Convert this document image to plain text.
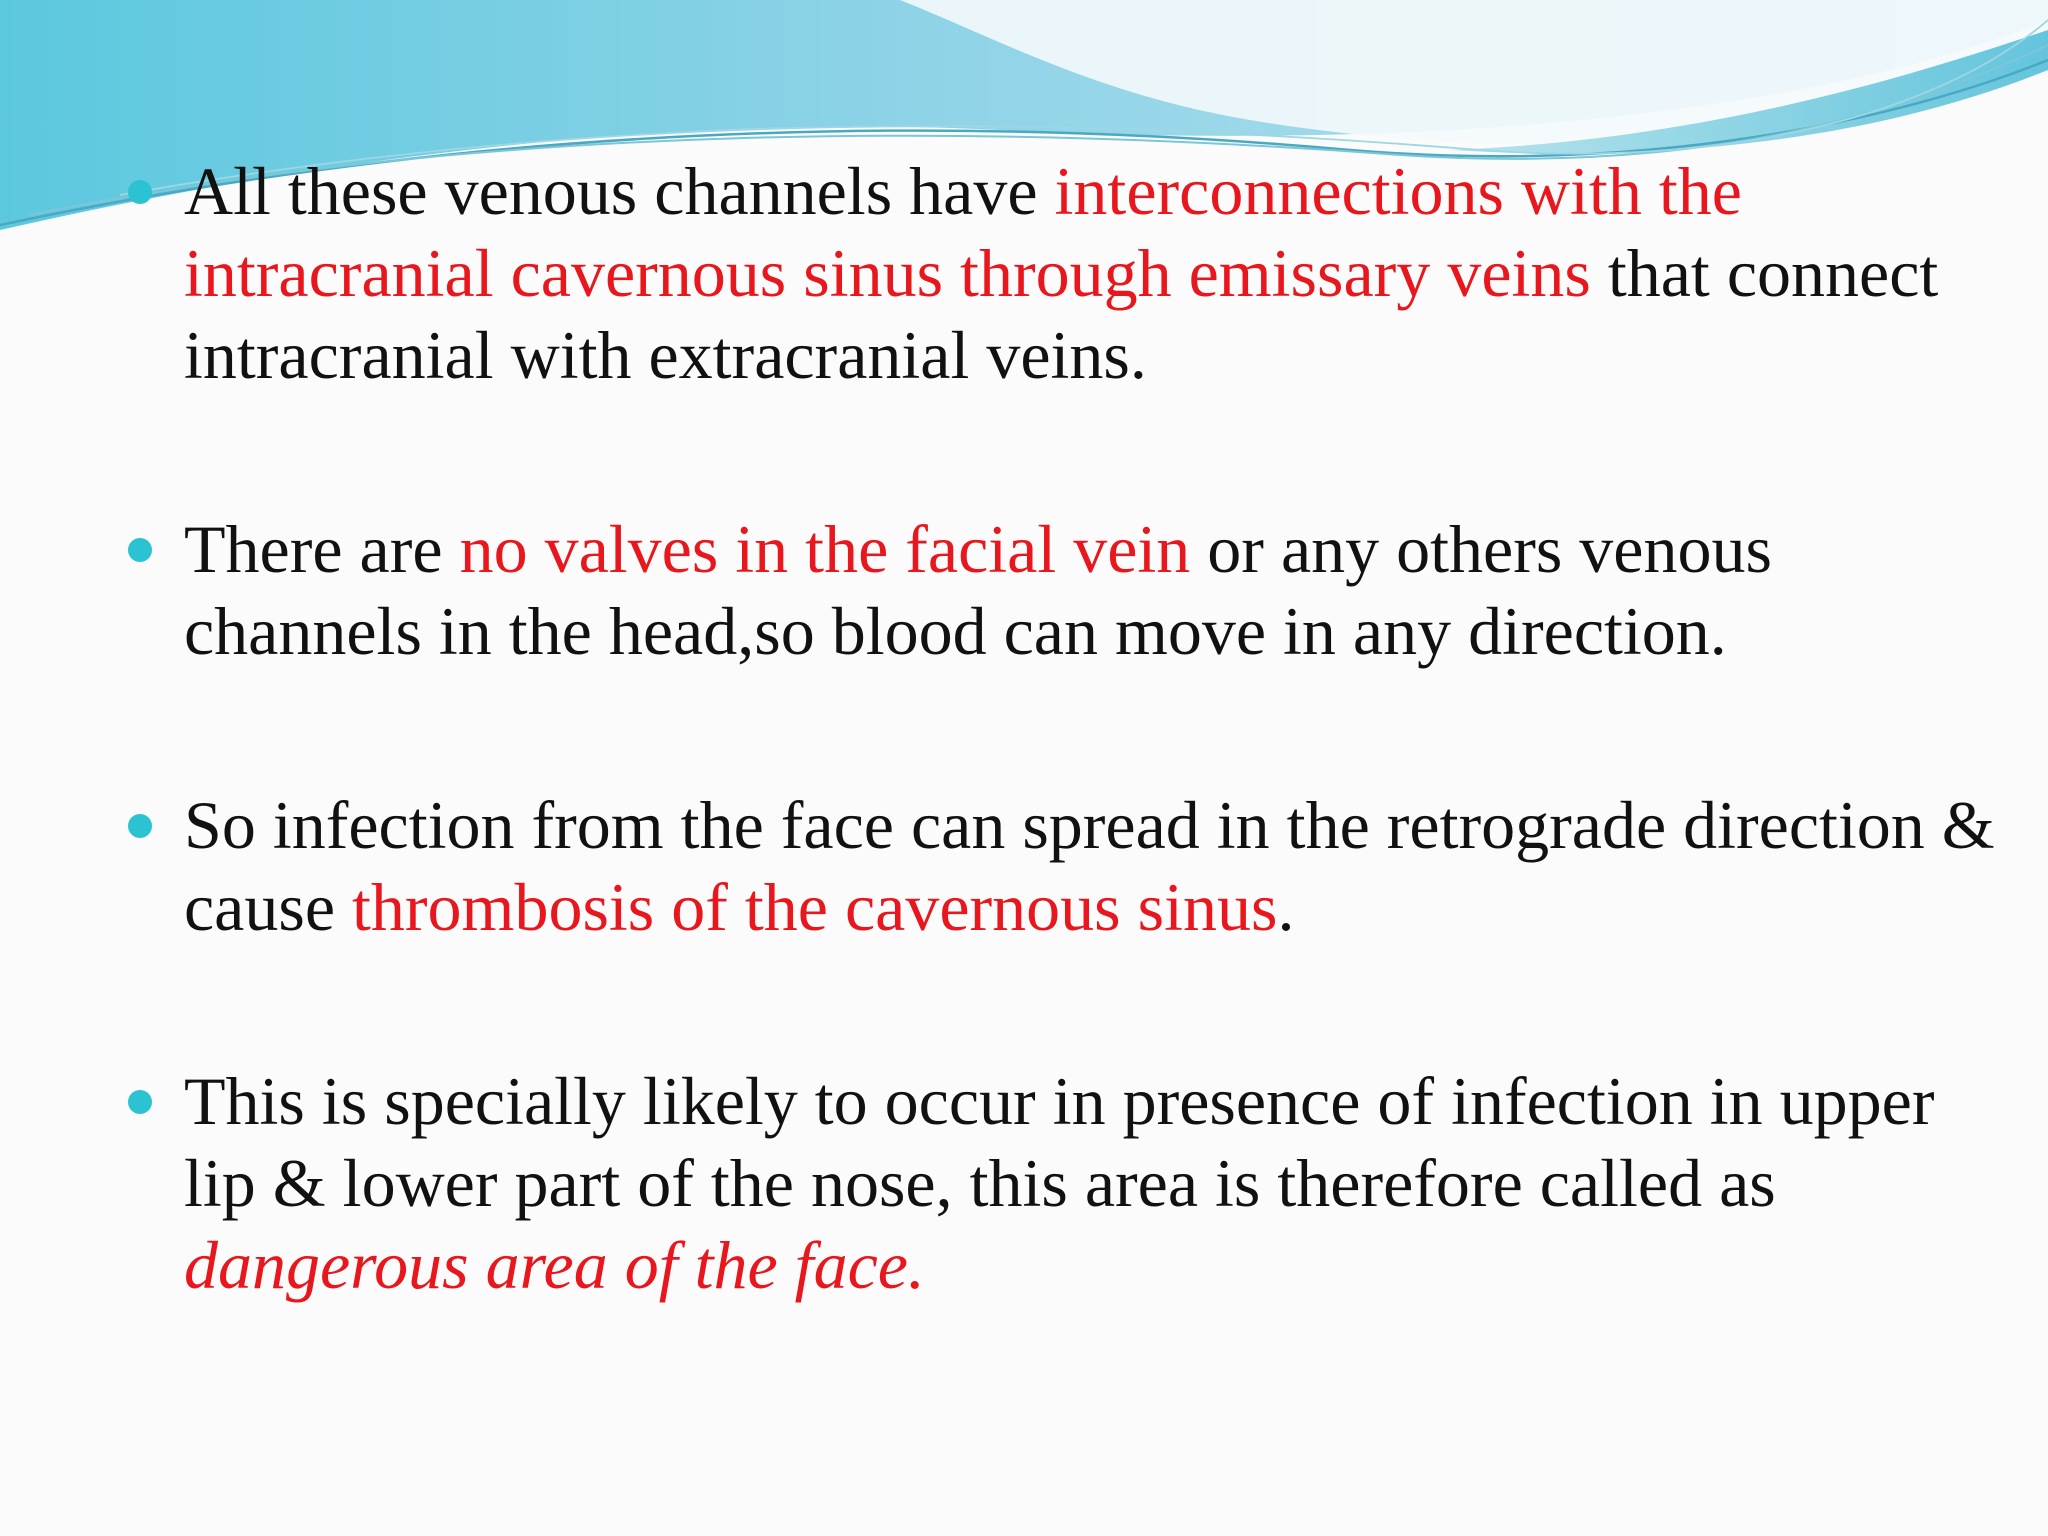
All these venous channels have interconnections with the intracranial cavernous sinus through emissary veins that connect intracranial with extracranial veins.
There are no valves in the facial vein or any others venous channels in the head,so blood can move in any direction.
So infection from the face can spread in the retrograde direction & cause thrombosis of the cavernous sinus.
This is specially likely to occur in presence of infection in upper lip & lower part of the nose, this area is therefore called as dangerous area of the face.
